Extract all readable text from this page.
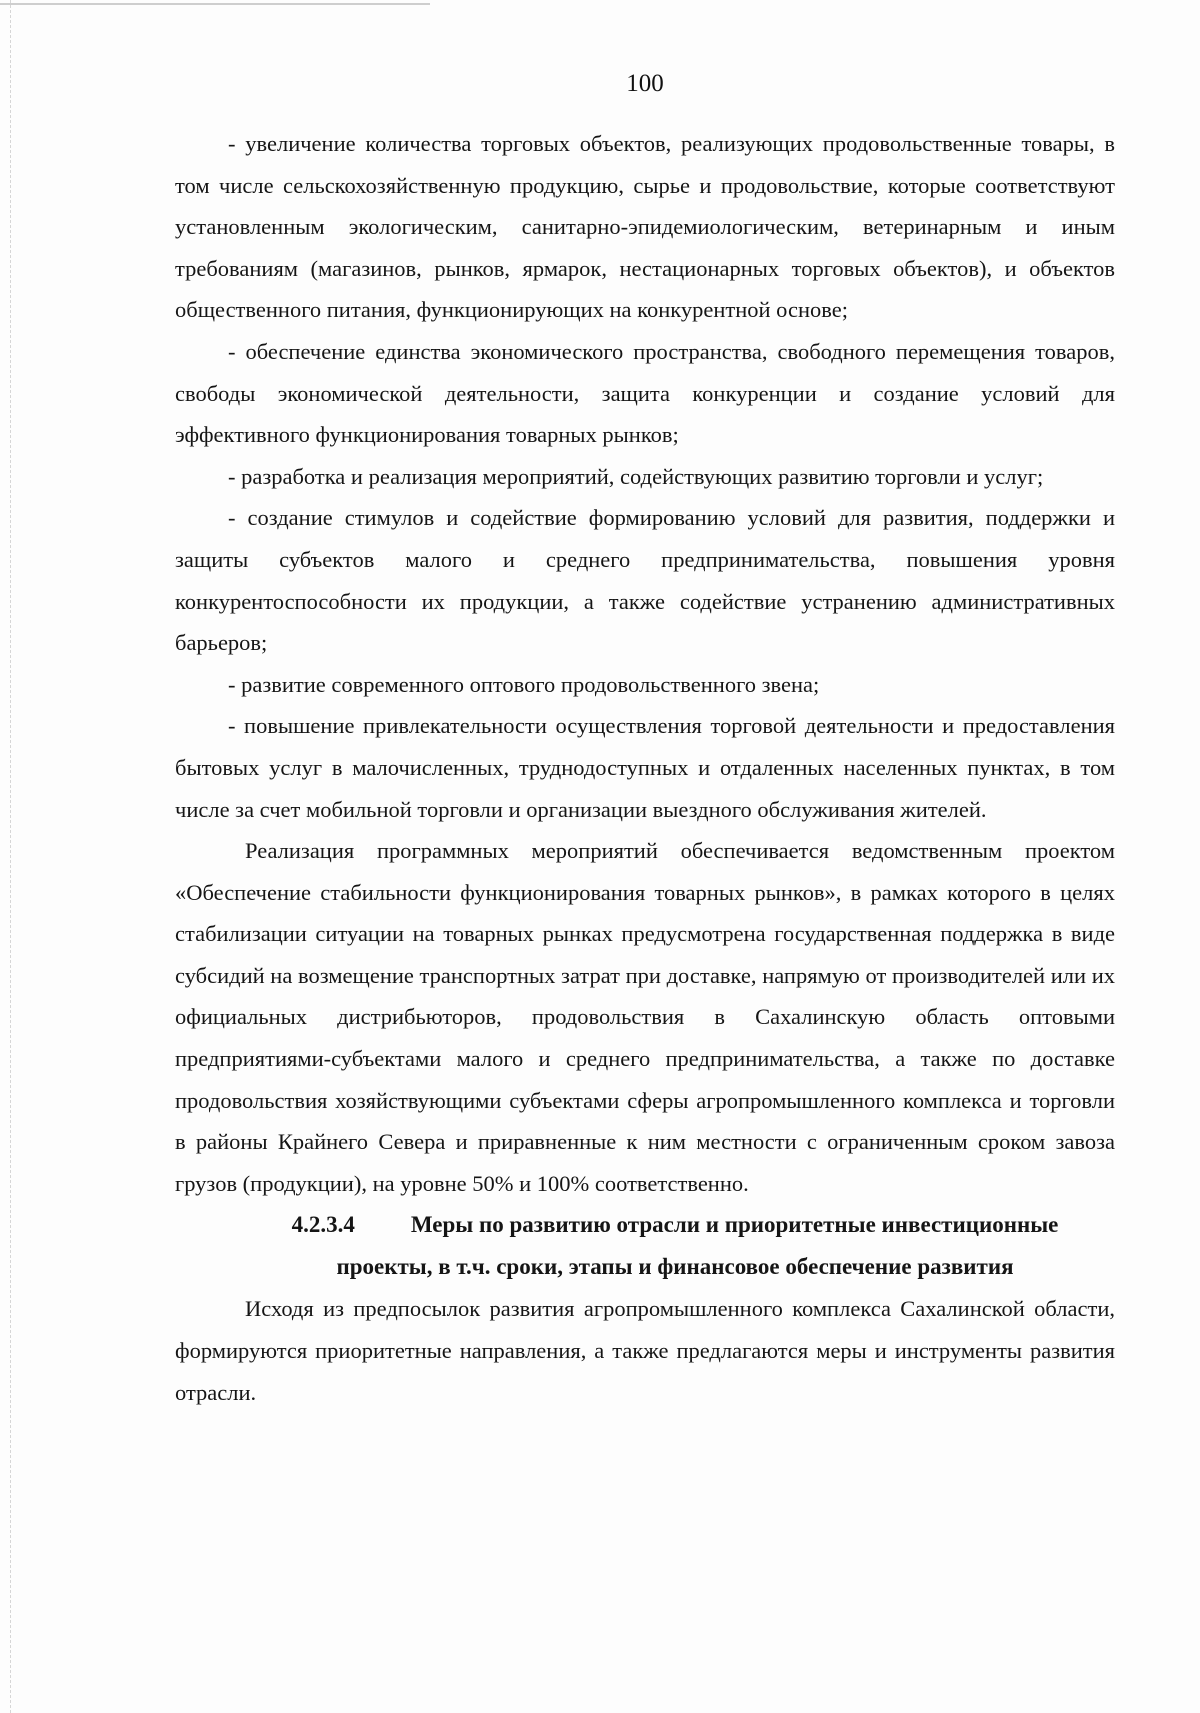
100

- увеличение количества торговых объектов, реализующих продовольственные товары, в том числе сельскохозяйственную продукцию, сырье и продовольствие, которые соответствуют установленным экологическим, санитарно-эпидемиологическим, ветеринарным и иным требованиям (магазинов, рынков, ярмарок, нестационарных торговых объектов), и объектов общественного питания, функционирующих на конкурентной основе;

- обеспечение единства экономического пространства, свободного перемещения товаров, свободы экономической деятельности, защита конкуренции и создание условий для эффективного функционирования товарных рынков;

- разработка и реализация мероприятий, содействующих развитию торговли и услуг;

- создание стимулов и содействие формированию условий для развития, поддержки и защиты субъектов малого и среднего предпринимательства, повышения уровня конкурентоспособности их продукции, а также содействие устранению административных барьеров;

- развитие современного оптового продовольственного звена;

- повышение привлекательности осуществления торговой деятельности и предоставления бытовых услуг в малочисленных, труднодоступных и отдаленных населенных пунктах, в том числе за счет мобильной торговли и организации выездного обслуживания жителей.

Реализация программных мероприятий обеспечивается ведомственным проектом «Обеспечение стабильности функционирования товарных рынков», в рамках которого в целях стабилизации ситуации на товарных рынках предусмотрена государственная поддержка в виде субсидий на возмещение транспортных затрат при доставке, напрямую от производителей или их официальных дистрибьюторов, продовольствия в Сахалинскую область оптовыми предприятиями-субъектами малого и среднего предпринимательства, а также по доставке продовольствия хозяйствующими субъектами сферы агропромышленного комплекса и торговли в районы Крайнего Севера и приравненные к ним местности с ограниченным сроком завоза грузов (продукции), на уровне 50% и 100% соответственно.

4.2.3.4 Меры по развитию отрасли и приоритетные инвестиционные
проекты, в т.ч. сроки, этапы и финансовое обеспечение развития

Исходя из предпосылок развития агропромышленного комплекса Сахалинской области, формируются приоритетные направления, а также предлагаются меры и инструменты развития отрасли.
